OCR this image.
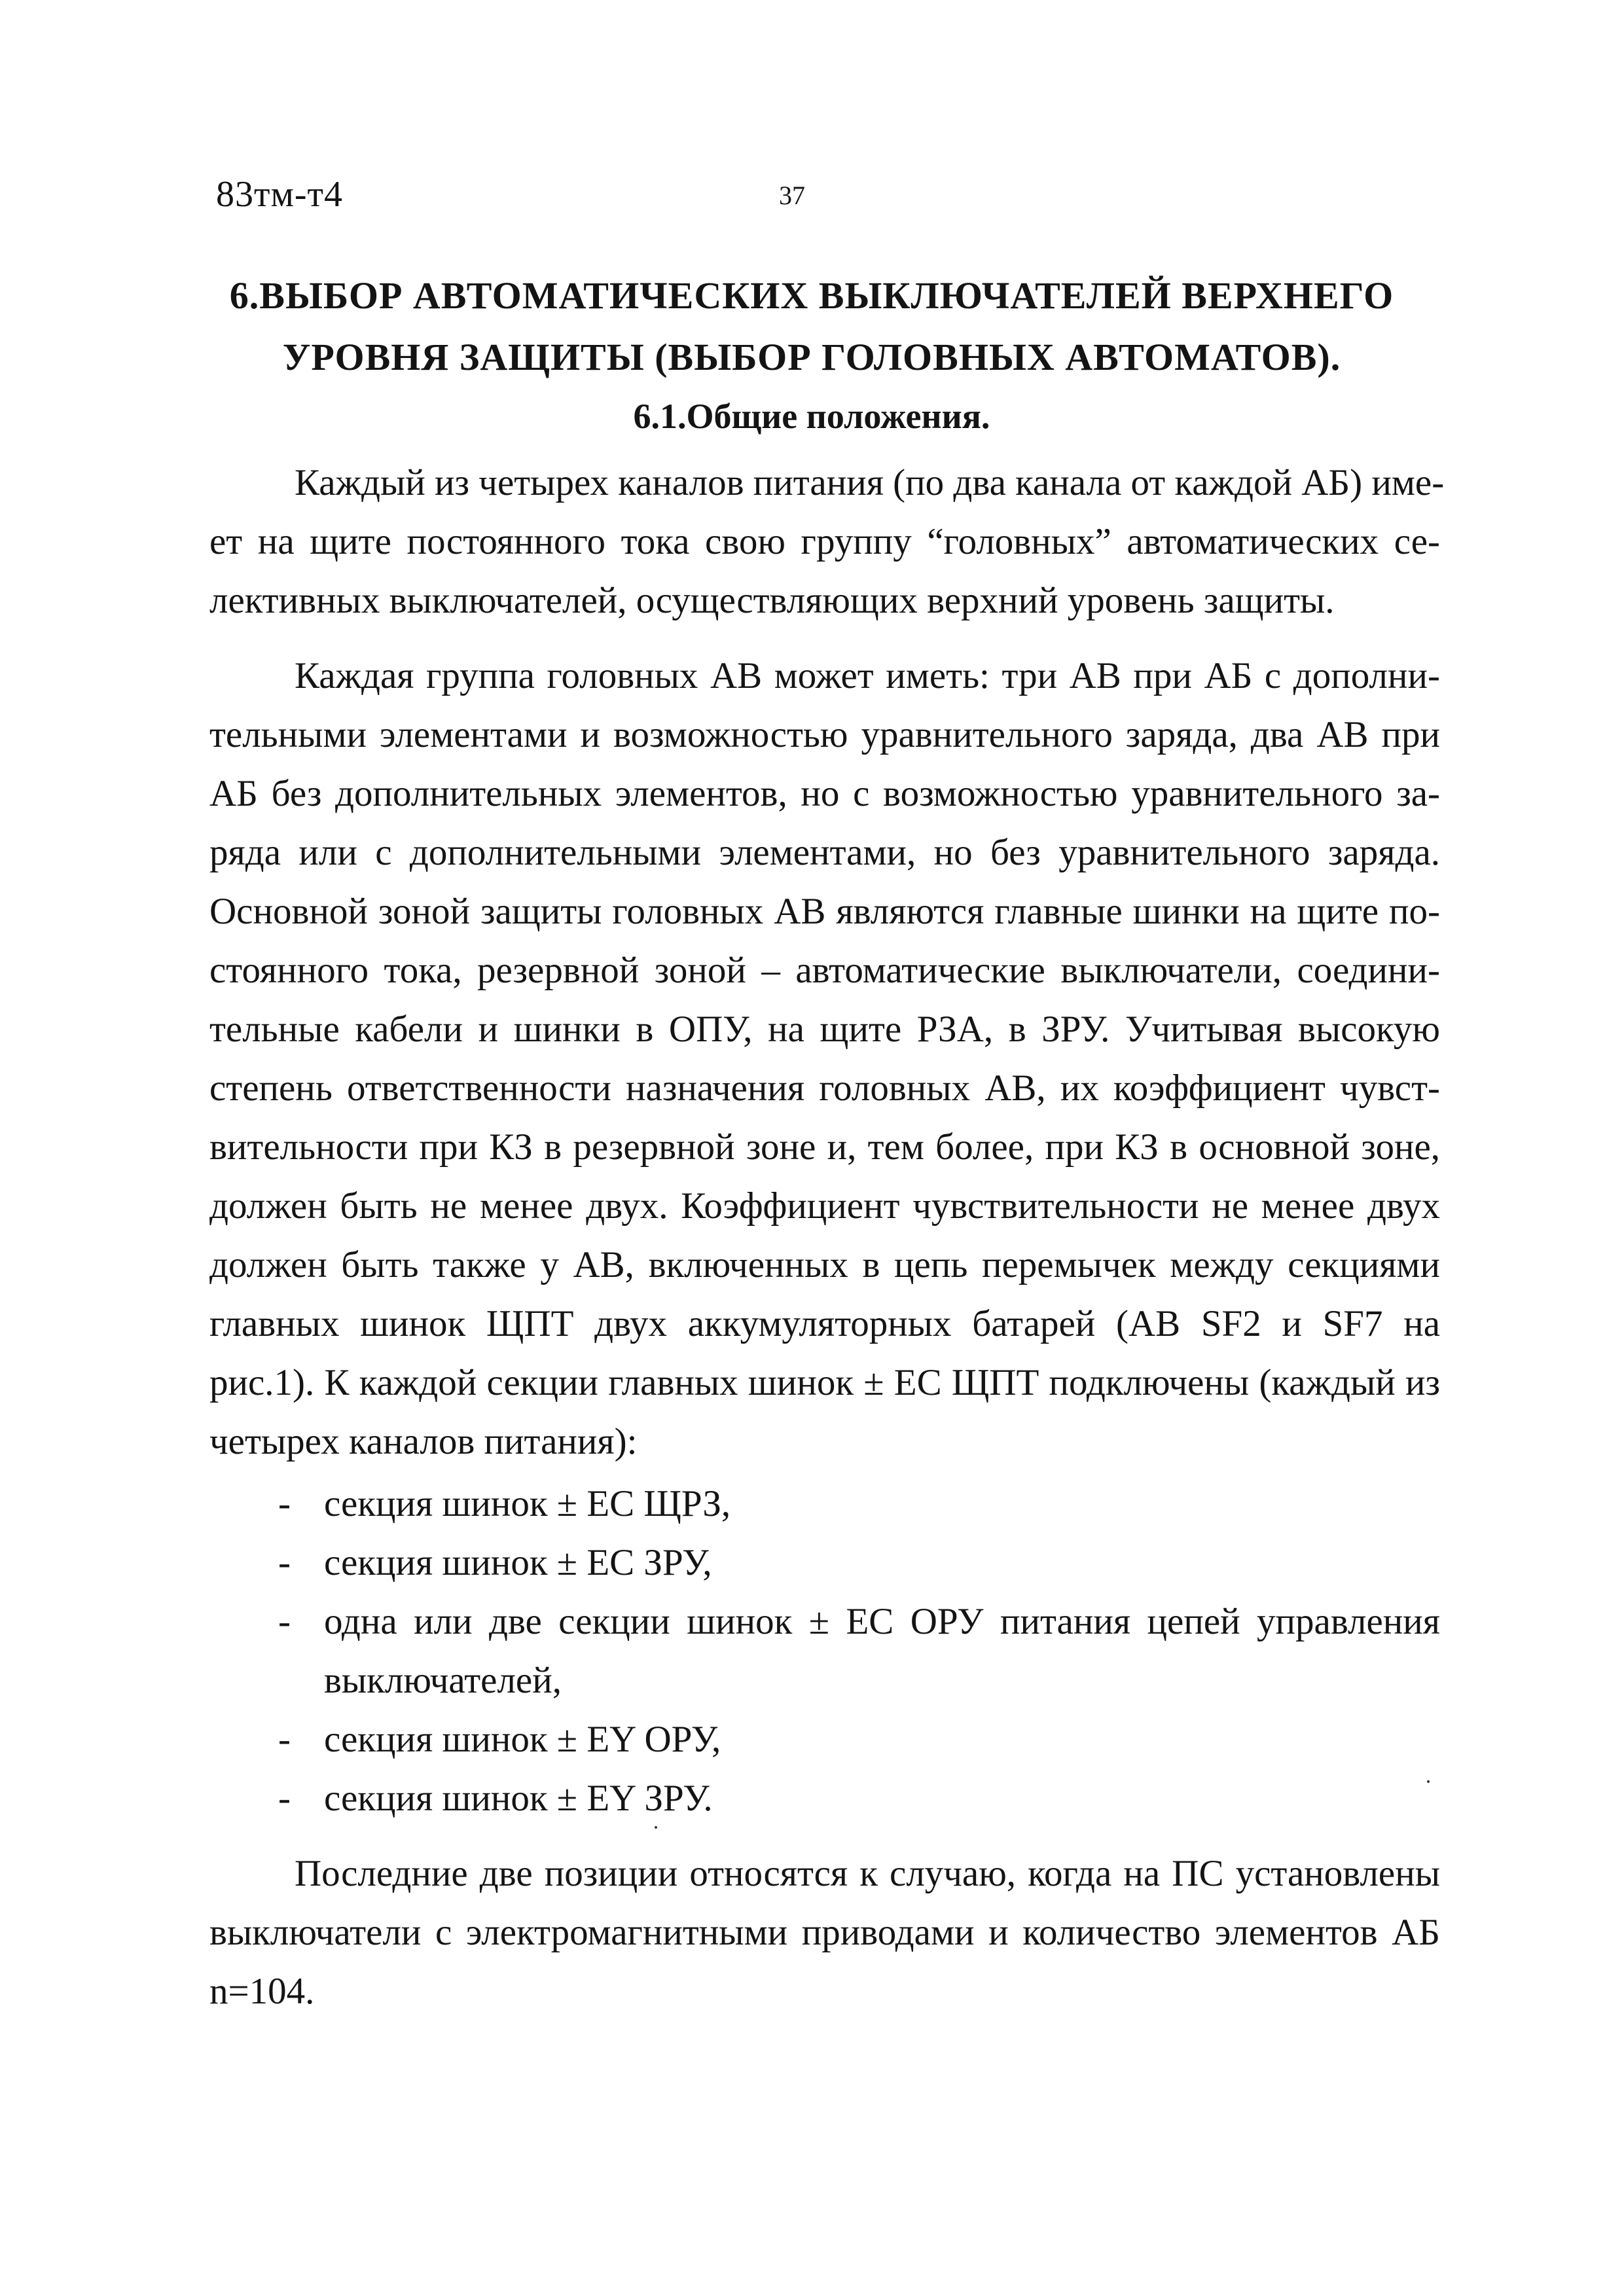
83тм-т4	37
6.ВЫБОР АВТОМАТИЧЕСКИХ ВЫКЛЮЧАТЕЛЕЙ ВЕРХНЕГО
УРОВНЯ ЗАЩИТЫ (ВЫБОР ГОЛОВНЫХ АВТОМАТОВ).
6.1.Общие положения.
Каждый из четырех каналов питания (по два канала от каждой АБ) име-
ет на щите постоянного тока свою группу “головных” автоматических се-
лективных выключателей, осуществляющих верхний уровень защиты.
Каждая группа головных АВ может иметь: три АВ при АБ с дополни-
тельными элементами и возможностью уравнительного заряда, два АВ при
АБ без дополнительных элементов, но с возможностью уравнительного за-
ряда или с дополнительными элементами, но без уравнительного заряда.
Основной зоной защиты головных АВ являются главные шинки на щите по-
стоянного тока, резервной зоной – автоматические выключатели, соедини-
тельные кабели и шинки в ОПУ, на щите РЗА, в ЗРУ. Учитывая высокую
степень ответственности назначения головных АВ, их коэффициент чувст-
вительности при КЗ в резервной зоне и, тем более, при КЗ в основной зоне,
должен быть не менее двух. Коэффициент чувствительности не менее двух
должен быть также у АВ, включенных в цепь перемычек между секциями
главных шинок ЩПТ двух аккумуляторных батарей (АВ SF2 и SF7 на
рис.1). К каждой секции главных шинок ± ЕС ЩПТ подключены (каждый из
четырех каналов питания):
- секция шинок ± ЕС ЩРЗ,
- секция шинок ± ЕС ЗРУ,
- одна или две секции шинок ± ЕС ОРУ питания цепей управления
выключателей,
- секция шинок ± ЕY ОРУ,
- секция шинок ± ЕY ЗРУ.
Последние две позиции относятся к случаю, когда на ПС установлены
выключатели с электромагнитными приводами и количество элементов АБ
n=104.
